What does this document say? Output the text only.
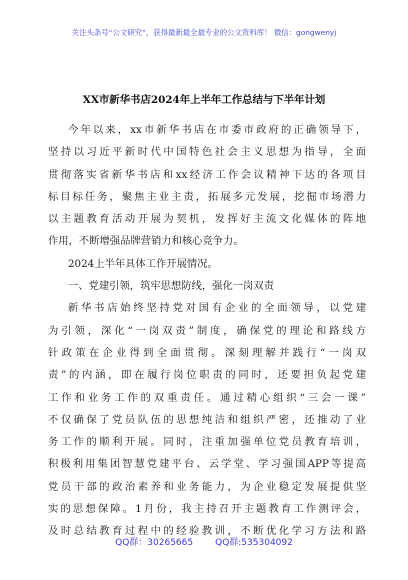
关注头条号“公文研究”，获得最新最全最专业的公文资料库！ 微信：gongwenyj
XX市新华书店2024年上半年工作总结与下半年计划
今年以来，xx市新华书店在市委市政府的正确领导下，
坚持以习近平新时代中国特色社会主义思想为指导，全面
贯彻落实省新华书店和xx经济工作会议精神下达的各项目
标目标任务，聚焦主业主责，拓展多元发展，挖掘市场潜力
以主题教育活动开展为契机，发挥好主流文化媒体的阵地
作用，不断增强品牌营销力和核心竞争力。
2024上半年具体工作开展情况。
一、党建引领，筑牢思想防线，强化一岗双责
新华书店始终坚持党对国有企业的全面领导，以党建
为引领，深化“一岗双责”制度，确保党的理论和路线方
针政策在企业得到全面贯彻。深刻理解并践行“一岗双
责”的内涵，即在履行岗位职责的同时，还要担负起党建
工作和业务工作的双重责任。通过精心组织“三会一课”
不仅确保了党员队伍的思想纯洁和组织严密，还推动了业
务工作的顺利开展。同时，注重加强单位党员教育培训，
积极利用集团智慧党建平台、云学堂、学习强国APP等提高
党员干部的政治素养和业务能力，为企业稳定发展提供坚
实的思想保障。1月份，我主持召开主题教育工作测评会，
及时总结教育过程中的经验教训，不断优化学习方法和路
QQ群：30265665 QQ群:535304092
